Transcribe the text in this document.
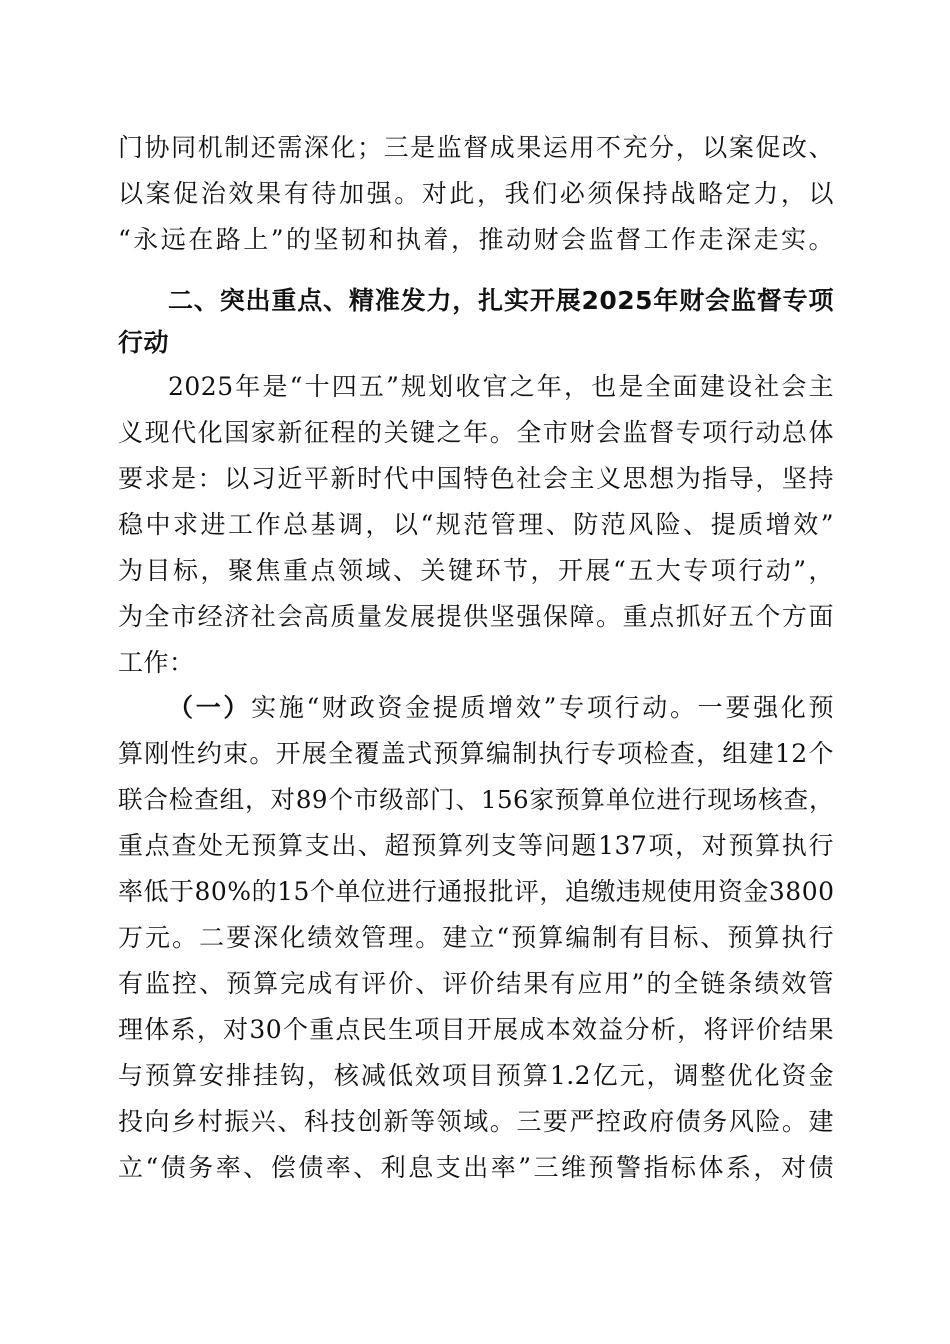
门协同机制还需深化；三是监督成果运用不充分，以案促改、
以案促治效果有待加强。对此，我们必须保持战略定力，以
“永远在路上”的坚韧和执着，推动财会监督工作走深走实。
二、突出重点、精准发力，扎实开展2025年财会监督专项
行动
2025年是“十四五”规划收官之年，也是全面建设社会主
义现代化国家新征程的关键之年。全市财会监督专项行动总体
要求是：以习近平新时代中国特色社会主义思想为指导，坚持
稳中求进工作总基调，以“规范管理、防范风险、提质增效”
为目标，聚焦重点领域、关键环节，开展“五大专项行动”，
为全市经济社会高质量发展提供坚强保障。重点抓好五个方面
工作：
（一）实施“财政资金提质增效”专项行动。一要强化预
算刚性约束。开展全覆盖式预算编制执行专项检查，组建12个
联合检查组，对89个市级部门、156家预算单位进行现场核查，
重点查处无预算支出、超预算列支等问题137项，对预算执行
率低于80%的15个单位进行通报批评，追缴违规使用资金3800
万元。二要深化绩效管理。建立“预算编制有目标、预算执行
有监控、预算完成有评价、评价结果有应用”的全链条绩效管
理体系，对30个重点民生项目开展成本效益分析，将评价结果
与预算安排挂钩，核减低效项目预算1.2亿元，调整优化资金
投向乡村振兴、科技创新等领域。三要严控政府债务风险。建
立“债务率、偿债率、利息支出率”三维预警指标体系，对债
